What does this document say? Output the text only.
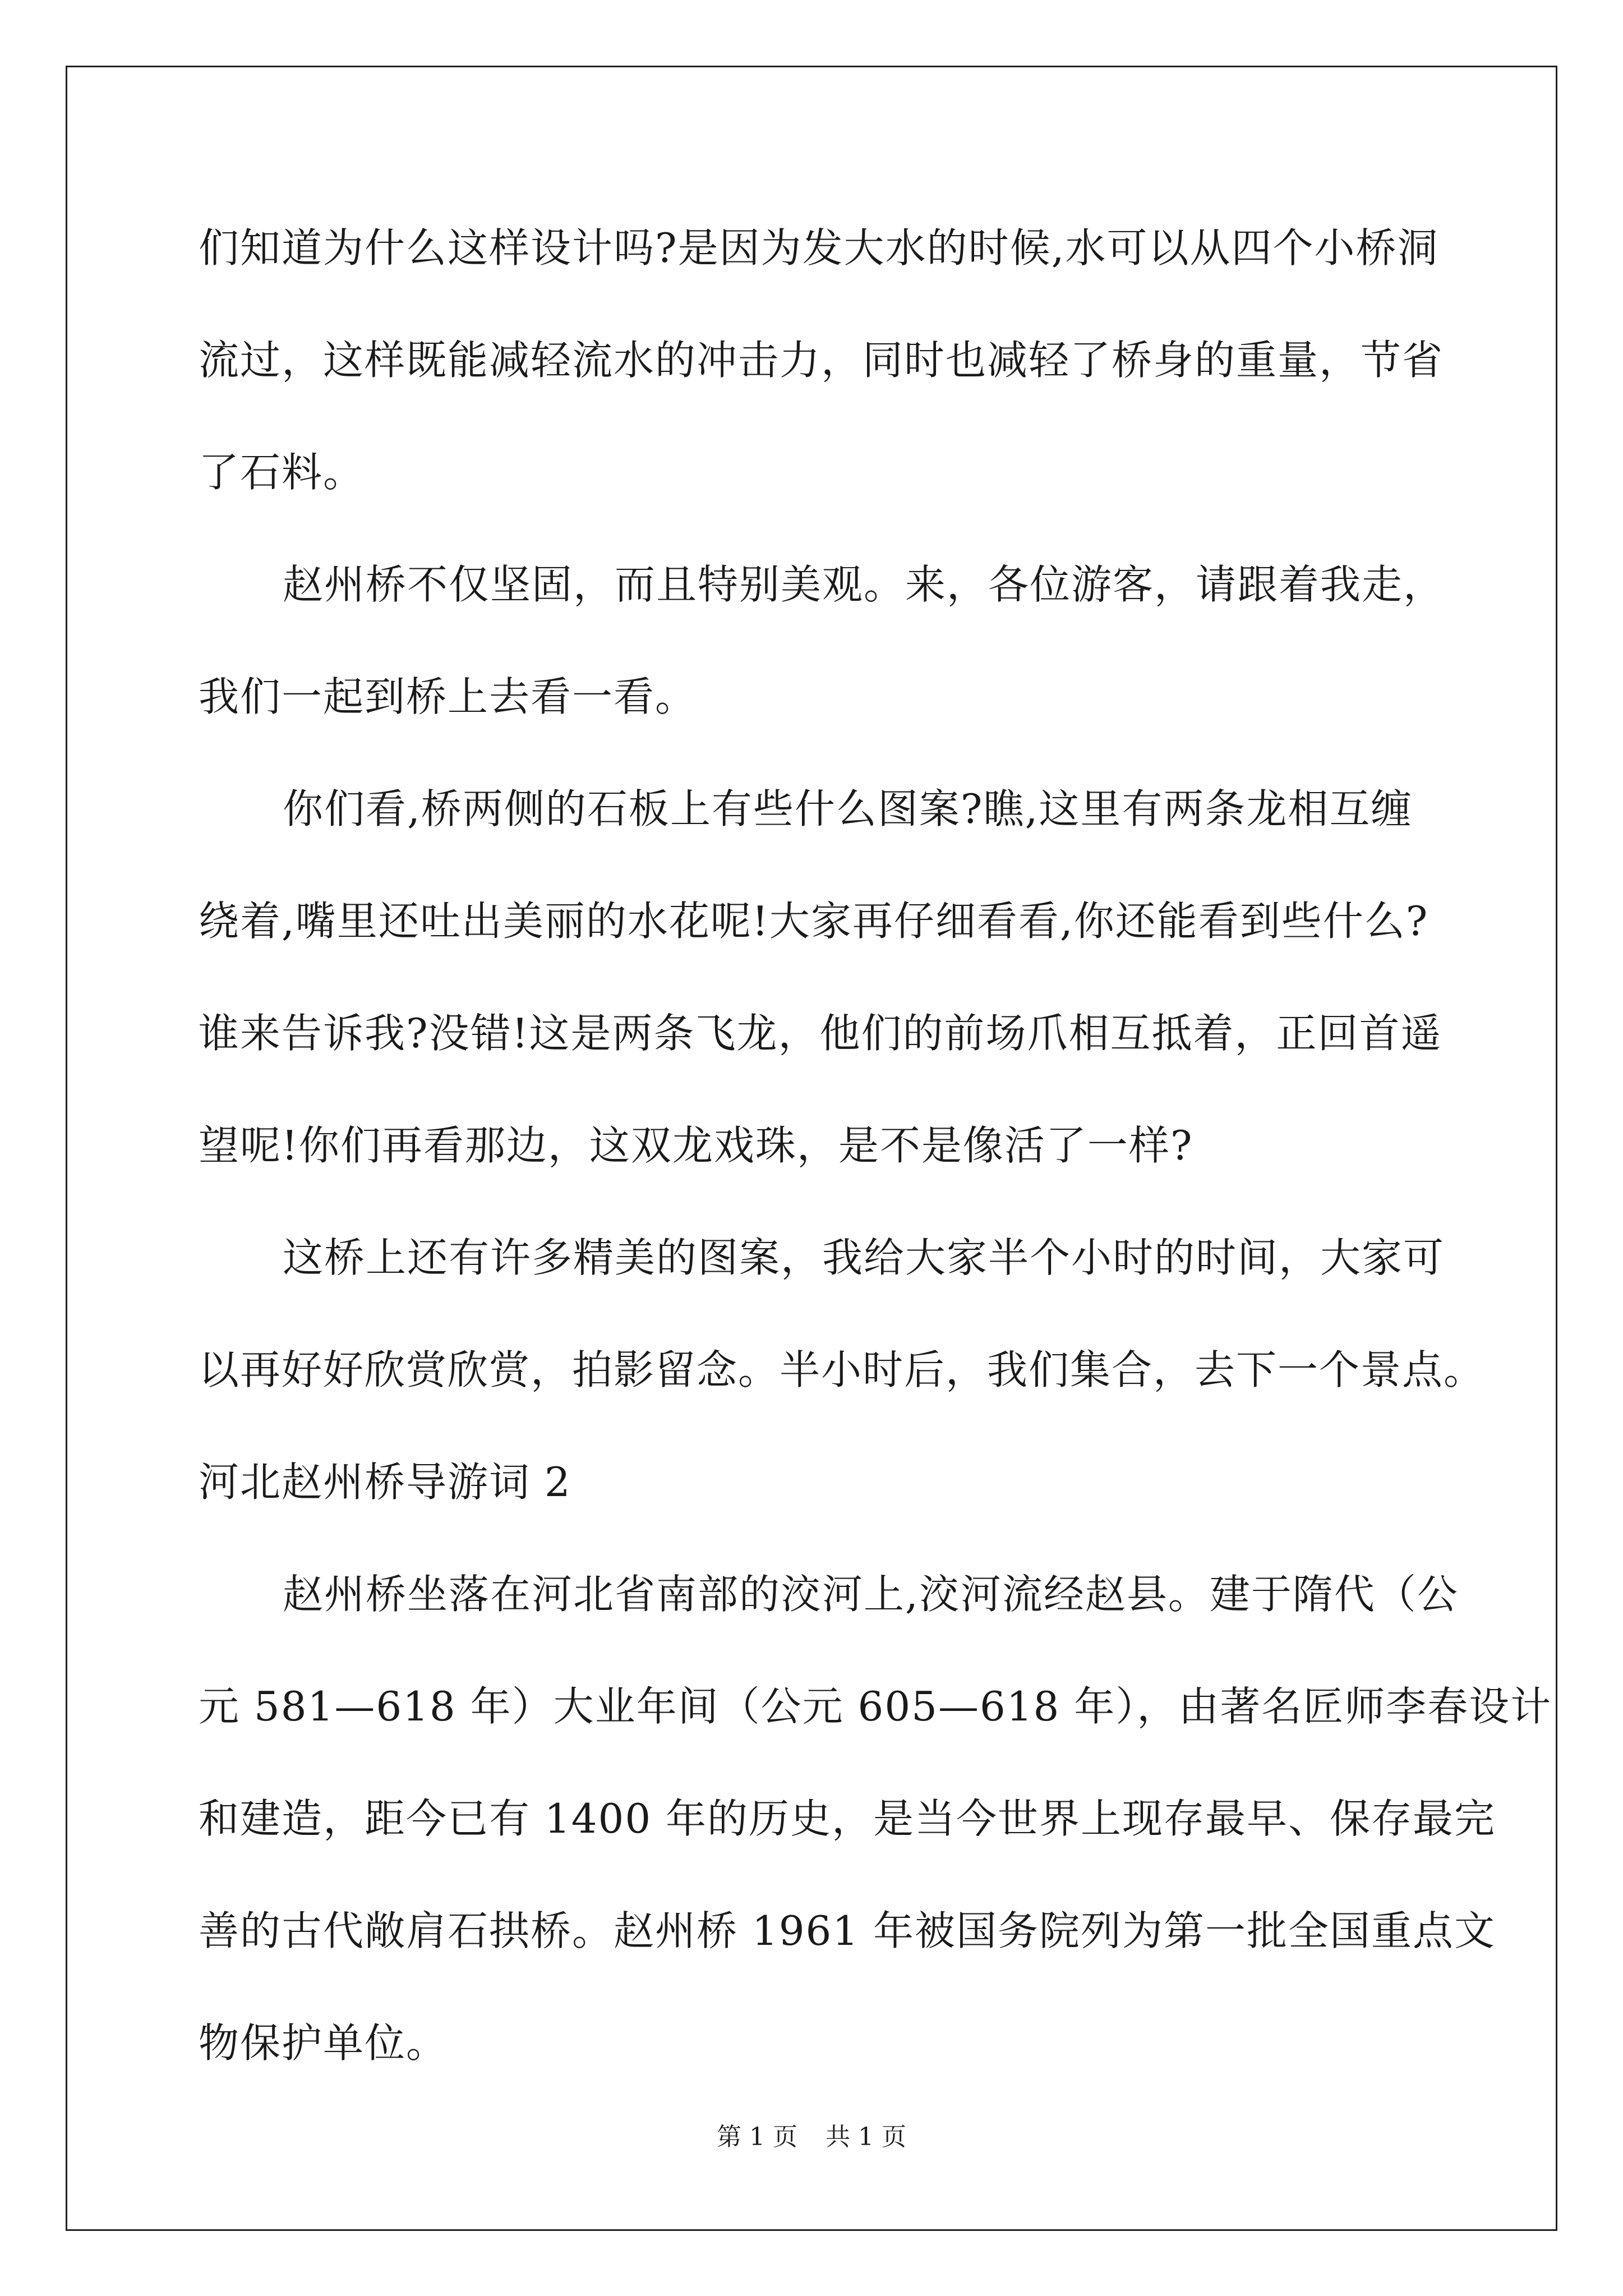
们知道为什么这样设计吗?是因为发大水的时候,水可以从四个小桥洞
流过，这样既能减轻流水的冲击力，同时也减轻了桥身的重量，节省
了石料。
赵州桥不仅坚固，而且特别美观。来，各位游客，请跟着我走，
我们一起到桥上去看一看。
你们看,桥两侧的石板上有些什么图案?瞧,这里有两条龙相互缠
绕着,嘴里还吐出美丽的水花呢!大家再仔细看看,你还能看到些什么?
谁来告诉我?没错!这是两条飞龙，他们的前场爪相互抵着，正回首遥
望呢!你们再看那边，这双龙戏珠，是不是像活了一样?
这桥上还有许多精美的图案，我给大家半个小时的时间，大家可
以再好好欣赏欣赏，拍影留念。半小时后，我们集合，去下一个景点。
河北赵州桥导游词 2
赵州桥坐落在河北省南部的洨河上,洨河流经赵县。建于隋代（公
元 581—618 年）大业年间（公元 605—618 年），由著名匠师李春设计
和建造，距今已有 1400 年的历史，是当今世界上现存最早、保存最完
善的古代敞肩石拱桥。赵州桥 1961 年被国务院列为第一批全国重点文
物保护单位。
第 1 页 共 1 页
